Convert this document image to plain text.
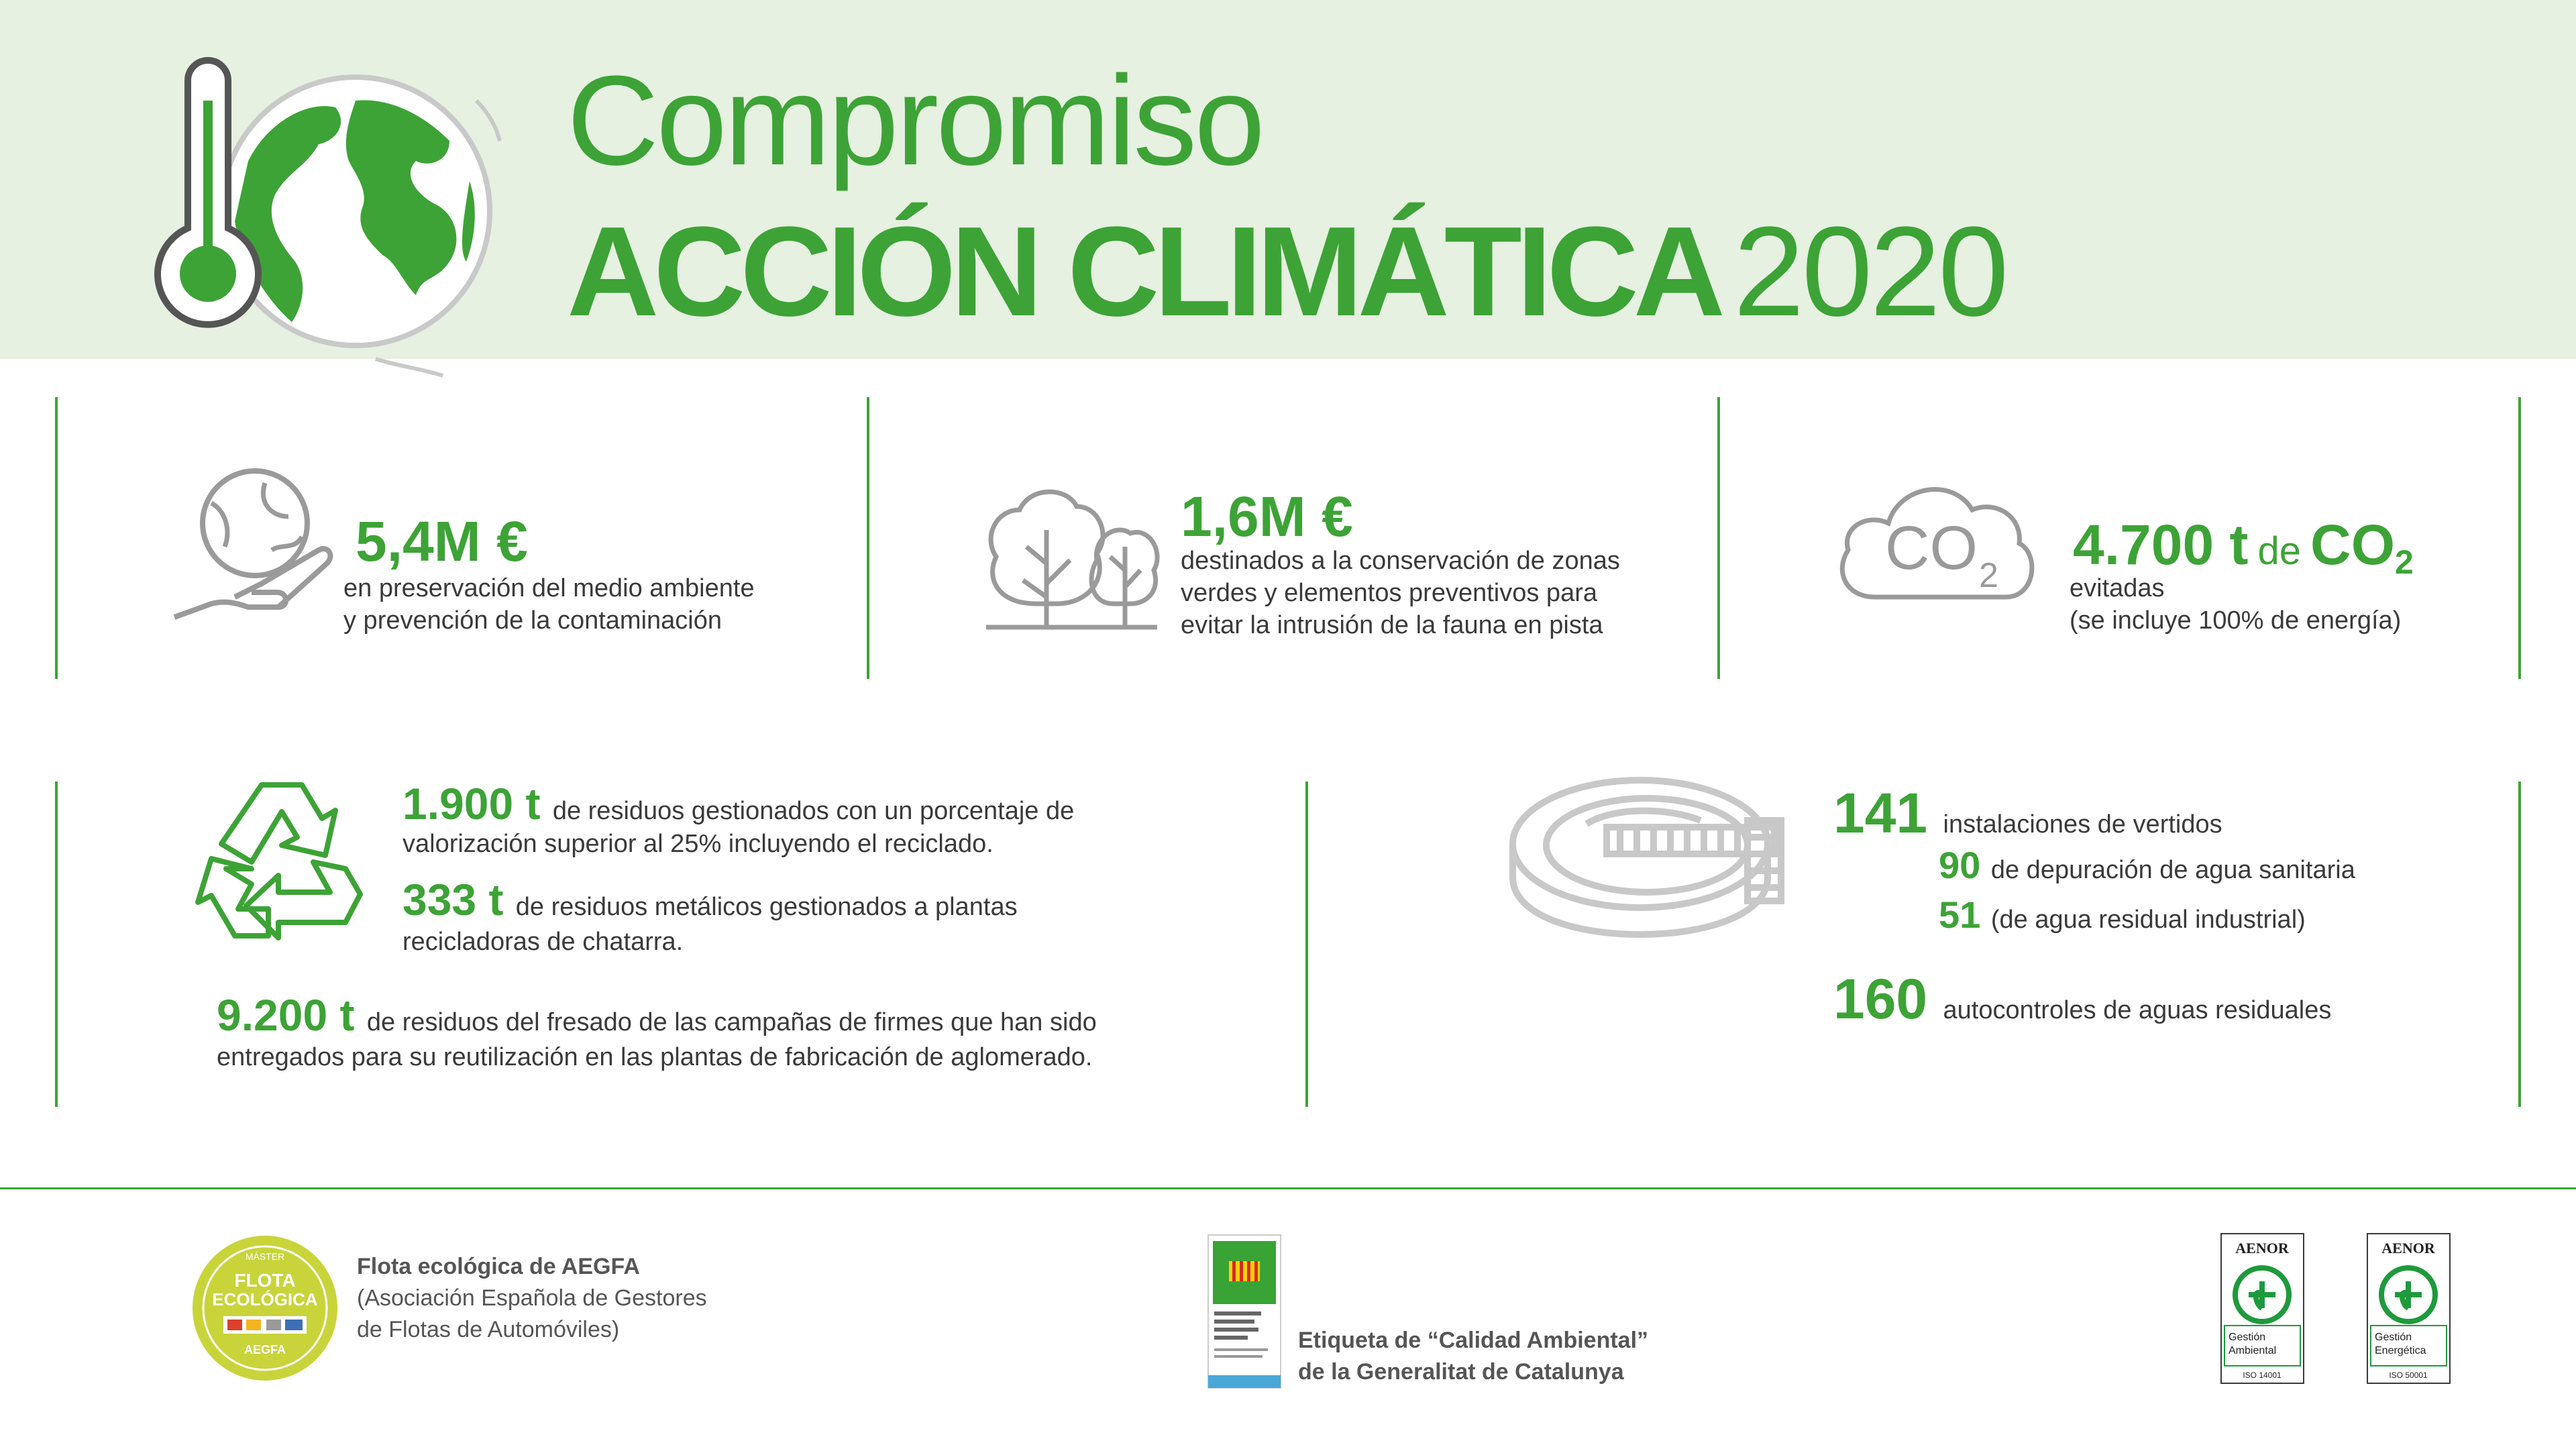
Compromiso
ACCIÓN CLIMÁTICA 2020
5,4M €
en preservación del medio ambiente
y prevención de la contaminación
1,6M €
destinados a la conservación de zonas
verdes y elementos preventivos para
evitar la intrusión de la fauna en pista
CO 2 4.700 t de CO2
evitadas
(se incluye 100% de energía)
1.900 t de residuos gestionados con un porcentaje de
valorización superior al 25% incluyendo el reciclado.
333 t de residuos metálicos gestionados a plantas
recicladoras de chatarra.
9.200 t de residuos del fresado de las campañas de firmes que han sido
entregados para su reutilización en las plantas de fabricación de aglomerado.
141 instalaciones de vertidos
90 de depuración de agua sanitaria
51 (de agua residual industrial)
160 autocontroles de aguas residuales
MÁSTER
FLOTA
ECOLÓGICA
AEGFA
Flota ecológica de AEGFA
(Asociación Española de Gestores
de Flotas de Automóviles)	Etiqueta de “Calidad Ambiental”
de la Generalitat de Catalunya
AENOR
Gestión
Ambiental
ISO 14001
AENOR
Gestión
Energética
ISO 50001
